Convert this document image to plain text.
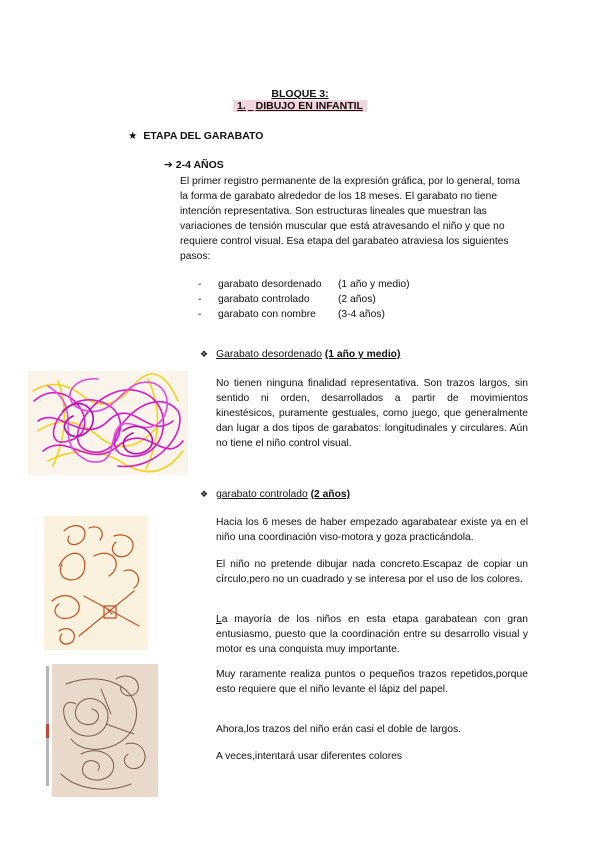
BLOQUE 3:
1. DIBUJO EN INFANTIL
★ ETAPA DEL GARABATO
➔ 2-4 AÑOS
El primer registro permanente de la expresión gráfica, por lo general, toma la forma de garabato alrededor de los 18 meses. El garabato no tiene intención representativa. Son estructuras lineales que muestran las variaciones de tensión muscular que está atravesando el niño y que no requiere control visual. Esa etapa del garabateo atraviesa los siguientes pasos:
-	garabato desordenado	(1 año y medio)
-	garabato controlado	(2 años)
-	garabato con nombre	(3-4 años)
❖ Garabato desordenado (1 año y medio)
No tienen ninguna finalidad representativa. Son trazos largos, sin sentido ni orden, desarrollados a partir de movimientos kinestésicos, puramente gestuales, como juego, que generalmente dan lugar a dos tipos de garabatos: longitudinales y circulares. Aún no tiene el niño control visual.
❖ garabato controlado (2 años)
Hacia los 6 meses de haber empezado agarabatear existe ya en el niño una coordinación viso-motora y goza practicándola.
El niño no pretende dibujar nada concreto.Escapaz de copiar un círculo,pero no un cuadrado y se interesa por el uso de los colores.
La mayoría de los niños en esta etapa garabatean con gran entusiasmo, puesto que la coordinación entre su desarrollo visual y motor es una conquista muy importante.
Muy raramente realiza puntos o pequeños trazos repetidos,porque esto requiere que el niño levante el lápiz del papel.
Ahora,los trazos del niño erán casi el doble de largos.
A veces,intentará usar diferentes colores
